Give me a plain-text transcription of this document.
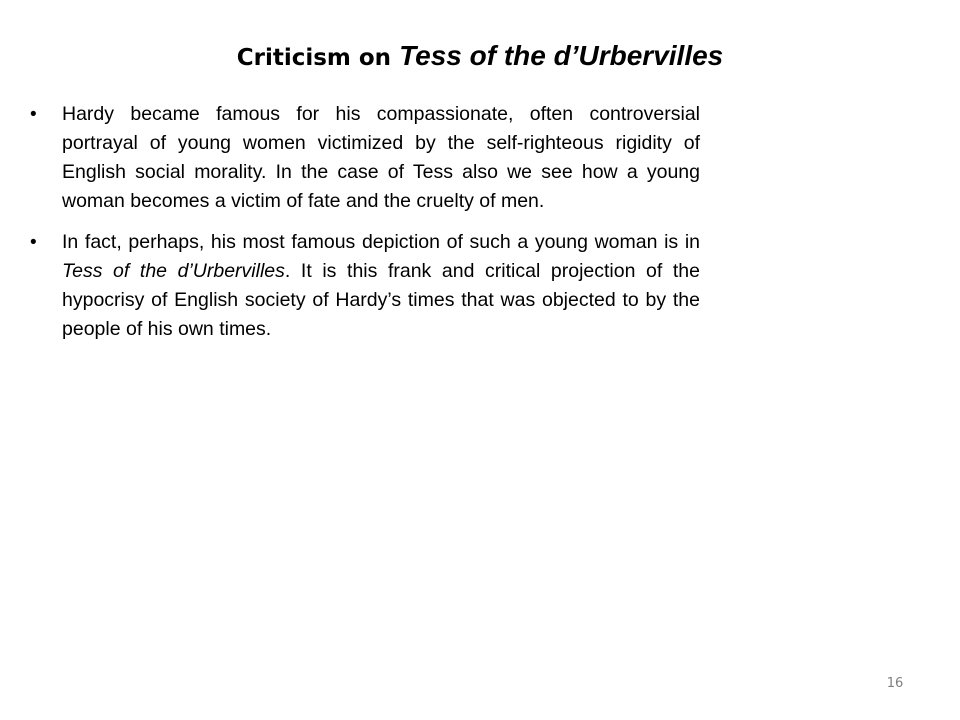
Criticism on Tess of the d’Urbervilles
•	Hardy became famous for his compassionate, often controversial portrayal of young women victimized by the self-righteous rigidity of English social morality. In the case of Tess also we see how a young woman becomes a victim of fate and the cruelty of men.
•	In fact, perhaps, his most famous depiction of such a young woman is in Tess of the d’Urbervilles. It is this frank and critical projection of the hypocrisy of English society of Hardy’s times that was objected to by the people of his own times.
16
